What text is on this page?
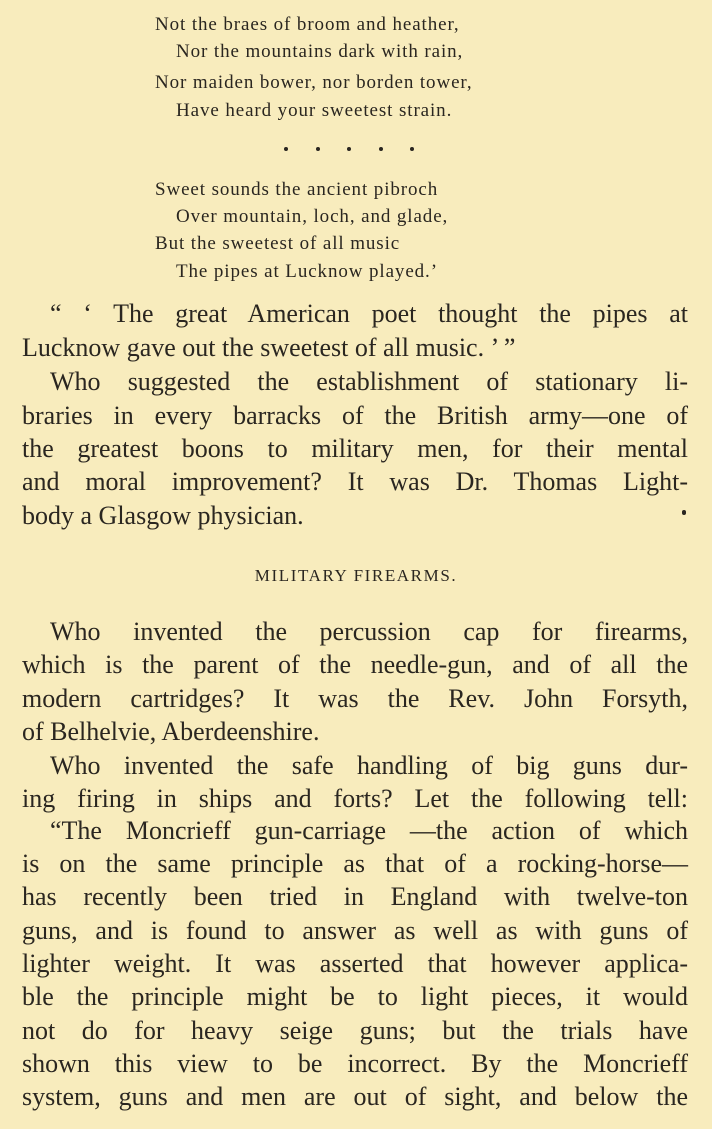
Not the braes of broom and heather,
Nor the mountains dark with rain,
Nor maiden bower, nor borden tower,
Have heard your sweetest strain.
Sweet sounds the ancient pibroch
Over mountain, loch, and glade,
But the sweetest of all music
The pipes at Lucknow played.’
“ ‘ The great American poet thought the pipes at
Lucknow gave out the sweetest of all music. ’ ”
Who suggested the establishment of stationary li-
braries in every barracks of the British army—one of
the greatest boons to military men, for their mental
and moral improvement? It was Dr. Thomas Light-
body a Glasgow physician.
MILITARY FIREARMS.
Who invented the percussion cap for firearms,
which is the parent of the needle-gun, and of all the
modern cartridges? It was the Rev. John Forsyth,
of Belhelvie, Aberdeenshire.
Who invented the safe handling of big guns dur-
ing firing in ships and forts? Let the following tell:
“The Moncrieff gun-carriage —the action of which
is on the same principle as that of a rocking-horse—
has recently been tried in England with twelve-ton
guns, and is found to answer as well as with guns of
lighter weight. It was asserted that however applica-
ble the principle might be to light pieces, it would
not do for heavy seige guns; but the trials have
shown this view to be incorrect. By the Moncrieff
system, guns and men are out of sight, and below the
